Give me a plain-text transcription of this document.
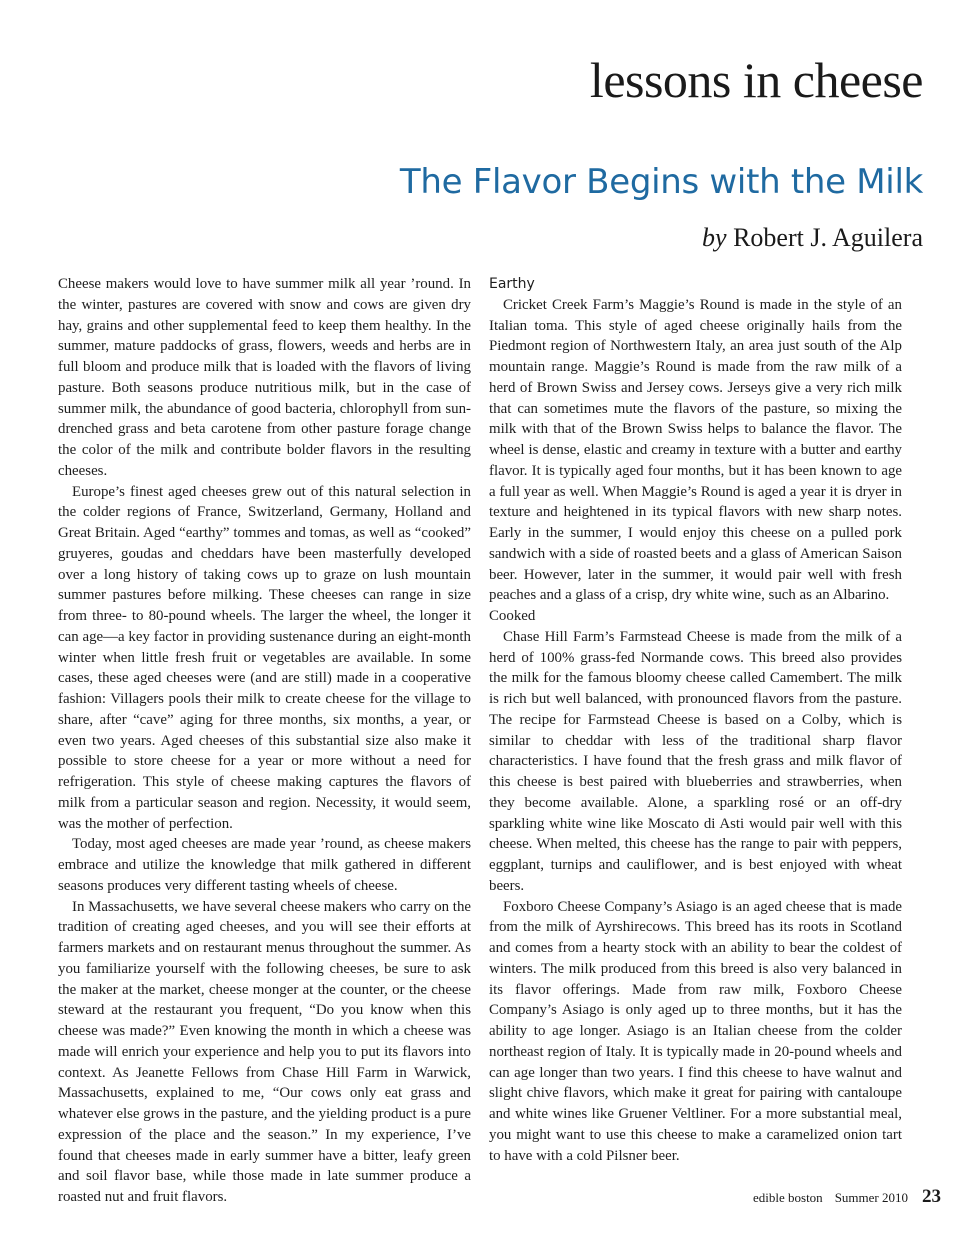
lessons in cheese
The Flavor Begins with the Milk
by Robert J. Aguilera

Cheese makers would love to have summer milk all year ’round. In the winter, pastures are covered with snow and cows are given dry hay, grains and other supplemental feed to keep them healthy. In the summer, mature paddocks of grass, flowers, weeds and herbs are in full bloom and produce milk that is loaded with the flavors of living pasture. Both seasons produce nutritious milk, but in the case of summer milk, the abundance of good bacteria, chlorophyll from sun-drenched grass and beta carotene from other pasture forage change the color of the milk and contribute bolder flavors in the resulting cheeses.

Europe’s finest aged cheeses grew out of this natural selection in the colder regions of France, Switzerland, Germany, Holland and Great Britain. Aged “earthy” tommes and tomas, as well as “cooked” gruyeres, goudas and cheddars have been masterfully developed over a long history of taking cows up to graze on lush mountain summer pastures before milking. These cheeses can range in size from three- to 80-pound wheels. The larger the wheel, the longer it can age—a key factor in providing sustenance during an eight-month winter when little fresh fruit or vegetables are available. In some cases, these aged cheeses were (and are still) made in a cooperative fashion: Villagers pools their milk to create cheese for the village to share, after “cave” aging for three months, six months, a year, or even two years. Aged cheeses of this substantial size also make it possible to store cheese for a year or more without a need for refrigeration. This style of cheese making captures the flavors of milk from a particular season and region. Necessity, it would seem, was the mother of perfection.

Today, most aged cheeses are made year ’round, as cheese makers embrace and utilize the knowledge that milk gathered in different seasons produces very different tasting wheels of cheese.

In Massachusetts, we have several cheese makers who carry on the tradition of creating aged cheeses, and you will see their efforts at farmers markets and on restaurant menus throughout the summer. As you familiarize yourself with the following cheeses, be sure to ask the maker at the market, cheese monger at the counter, or the cheese steward at the restaurant you frequent, “Do you know when this cheese was made?” Even knowing the month in which a cheese was made will enrich your experience and help you to put its flavors into context. As Jeanette Fellows from Chase Hill Farm in Warwick, Massachusetts, explained to me, “Our cows only eat grass and whatever else grows in the pasture, and the yielding product is a pure expression of the place and the season.” In my experience, I’ve found that cheeses made in early summer have a bitter, leafy green and soil flavor base, while those made in late summer produce a roasted nut and fruit flavors.

Earthy

Cricket Creek Farm’s Maggie’s Round is made in the style of an Italian toma. This style of aged cheese originally hails from the Piedmont region of Northwestern Italy, an area just south of the Alp mountain range. Maggie’s Round is made from the raw milk of a herd of Brown Swiss and Jersey cows. Jerseys give a very rich milk that can sometimes mute the flavors of the pasture, so mixing the milk with that of the Brown Swiss helps to balance the flavor. The wheel is dense, elastic and creamy in texture with a butter and earthy flavor. It is typically aged four months, but it has been known to age a full year as well. When Maggie’s Round is aged a year it is dryer in texture and heightened in its typical flavors with new sharp notes. Early in the summer, I would enjoy this cheese on a pulled pork sandwich with a side of roasted beets and a glass of American Saison beer. However, later in the summer, it would pair well with fresh peaches and a glass of a crisp, dry white wine, such as an Albarino.

Cooked

Chase Hill Farm’s Farmstead Cheese is made from the milk of a herd of 100% grass-fed Normande cows. This breed also provides the milk for the famous bloomy cheese called Camembert. The milk is rich but well balanced, with pronounced flavors from the pasture. The recipe for Farmstead Cheese is based on a Colby, which is similar to cheddar with less of the traditional sharp flavor characteristics. I have found that the fresh grass and milk flavor of this cheese is best paired with blueberries and strawberries, when they become available. Alone, a sparkling rosé or an off-dry sparkling white wine like Moscato di Asti would pair well with this cheese. When melted, this cheese has the range to pair with peppers, eggplant, turnips and cauliflower, and is best enjoyed with wheat beers.

Foxboro Cheese Company’s Asiago is an aged cheese that is made from the milk of Ayrshirecows. This breed has its roots in Scotland and comes from a hearty stock with an ability to bear the coldest of winters. The milk produced from this breed is also very balanced in its flavor offerings. Made from raw milk, Foxboro Cheese Company’s Asiago is only aged up to three months, but it has the ability to age longer. Asiago is an Italian cheese from the colder northeast region of Italy. It is typically made in 20-pound wheels and can age longer than two years. I find this cheese to have walnut and slight chive flavors, which make it great for pairing with cantaloupe and white wines like Gruener Veltliner. For a more substantial meal, you might want to use this cheese to make a caramelized onion tart to have with a cold Pilsner beer.

edible boston Summer 2010 23
